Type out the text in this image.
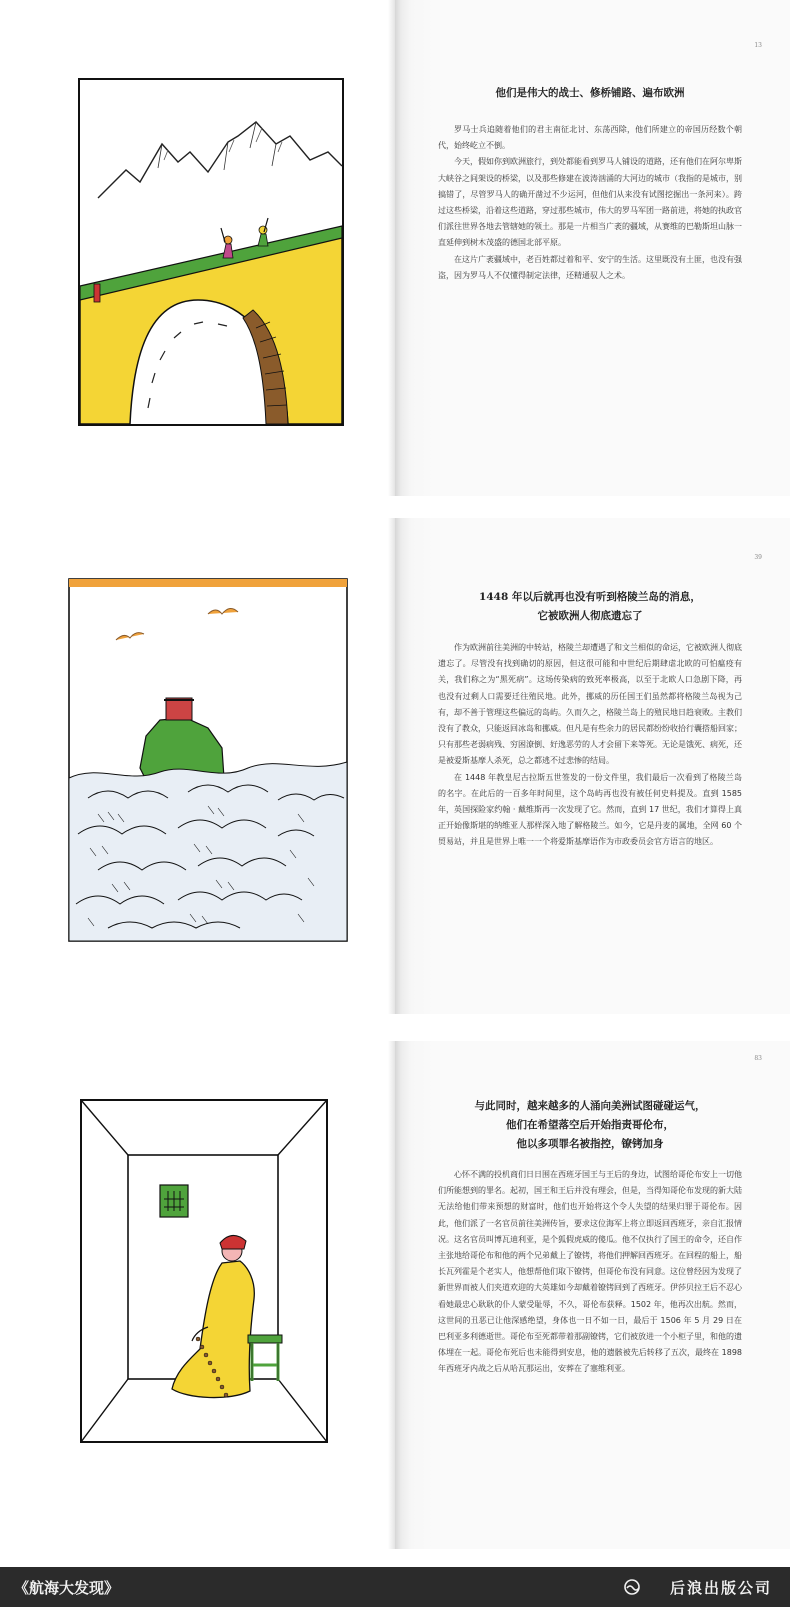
13
他们是伟大的战士、修桥铺路、遍布欧洲

罗马士兵追随着他们的君主南征北讨、东荡西除，他们所建立的帝国历经数个朝代，始终屹立不倒。

今天，假如你到欧洲旅行，到处都能看到罗马人铺设的道路，还有他们在阿尔卑斯大峡谷之间架设的桥梁，以及那些修建在波涛汹涌的大河边的城市（我指的是城市，别搞错了，尽管罗马人的确开凿过不少运河，但他们从来没有试图挖掘出一条河来）。跨过这些桥梁，沿着这些道路，穿过那些城市，伟大的罗马军团一路前进，将她的执政官们派往世界各地去管辖她的领土。那是一片相当广袤的疆域，从赛维的巴勒斯坦山脉一直延伸到树木茂盛的德国北部平原。

在这片广袤疆域中，老百姓都过着和平、安宁的生活。这里既没有土匪，也没有强盗，因为罗马人不仅懂得制定法律，还精通驭人之术。

39
1448 年以后就再也没有听到格陵兰岛的消息，
它被欧洲人彻底遗忘了

作为欧洲前往美洲的中转站，格陵兰却遭遇了和文兰相似的命运，它被欧洲人彻底遗忘了。尽管没有找到确切的原因，但这很可能和中世纪后期肆虐北欧的可怕瘟疫有关，我们称之为“黑死病”。这场传染病的致死率极高，以至于北欧人口急剧下降，再也没有过剩人口需要迁往殖民地。此外，挪威的历任国王们虽然都将格陵兰岛视为己有，却不善于管理这些偏远的岛屿。久而久之，格陵兰岛上的殖民地日趋衰败。主教们没有了教众，只能返回冰岛和挪威。但凡是有些余力的居民都纷纷收拾行囊搭船回家；只有那些老弱病残、穷困潦倒、好逸恶劳的人才会留下来等死。无论是饿死、病死，还是被爱斯基摩人杀死，总之都逃不过悲惨的结局。

在 1448 年教皇尼古拉斯五世签发的一份文件里，我们最后一次看到了格陵兰岛的名字。在此后的一百多年时间里，这个岛屿再也没有被任何史料提及。直到 1585 年，英国探险家约翰 · 戴维斯再一次发现了它。然而，直到 17 世纪，我们才算得上真正开始像斯堪的纳维亚人那样深入地了解格陵兰。如今，它是丹麦的属地，全网 60 个贸易站，并且是世界上唯一一个将爱斯基摩语作为市政委员会官方语言的地区。

83
与此同时，越来越多的人涌向美洲试图碰碰运气，
他们在希望落空后开始指责哥伦布，
他以多项罪名被指控，镣铐加身

心怀不满的投机商们日日围在西班牙国王与王后的身边，试图给哥伦布安上一切他们所能想到的罪名。起初，国王和王后并没有理会，但是，当得知哥伦布发现的新大陆无法给他们带来预想的财富时，他们也开始将这个令人失望的结果归罪于哥伦布。因此，他们派了一名官员前往美洲传旨，要求这位海军上将立即返回西班牙，亲自汇报情况。这名官员叫博瓦迪利亚，是个狐假虎威的傻瓜。他不仅执行了国王的命令，还自作主张地给哥伦布和他的两个兄弟戴上了镣铐，将他们押解回西班牙。在回程的船上，船长瓦列霍是个老实人，他想帮他们取下镣铐，但哥伦布没有同意。这位曾经因为发现了新世界而被人们夹道欢迎的大英雄如今却戴着镣铐回到了西班牙。伊莎贝拉王后不忍心看她最忠心耿耿的仆人蒙受耻辱，不久，哥伦布获释。1502 年，他再次出航。然而，这世间的丑恶已让他深感绝望，身体也一日不如一日，最后于 1506 年 5 月 29 日在巴利亚多利德逝世。哥伦布至死都带着那副镣铐，它们被放进一个小柜子里，和他的遗体埋在一起。哥伦布死后也未能得到安息，他的遗骸被先后转移了五次，最终在 1898 年西班牙内战之后从哈瓦那运出，安葬在了塞维利亚。

《航海大发现》	后浪出版公司
